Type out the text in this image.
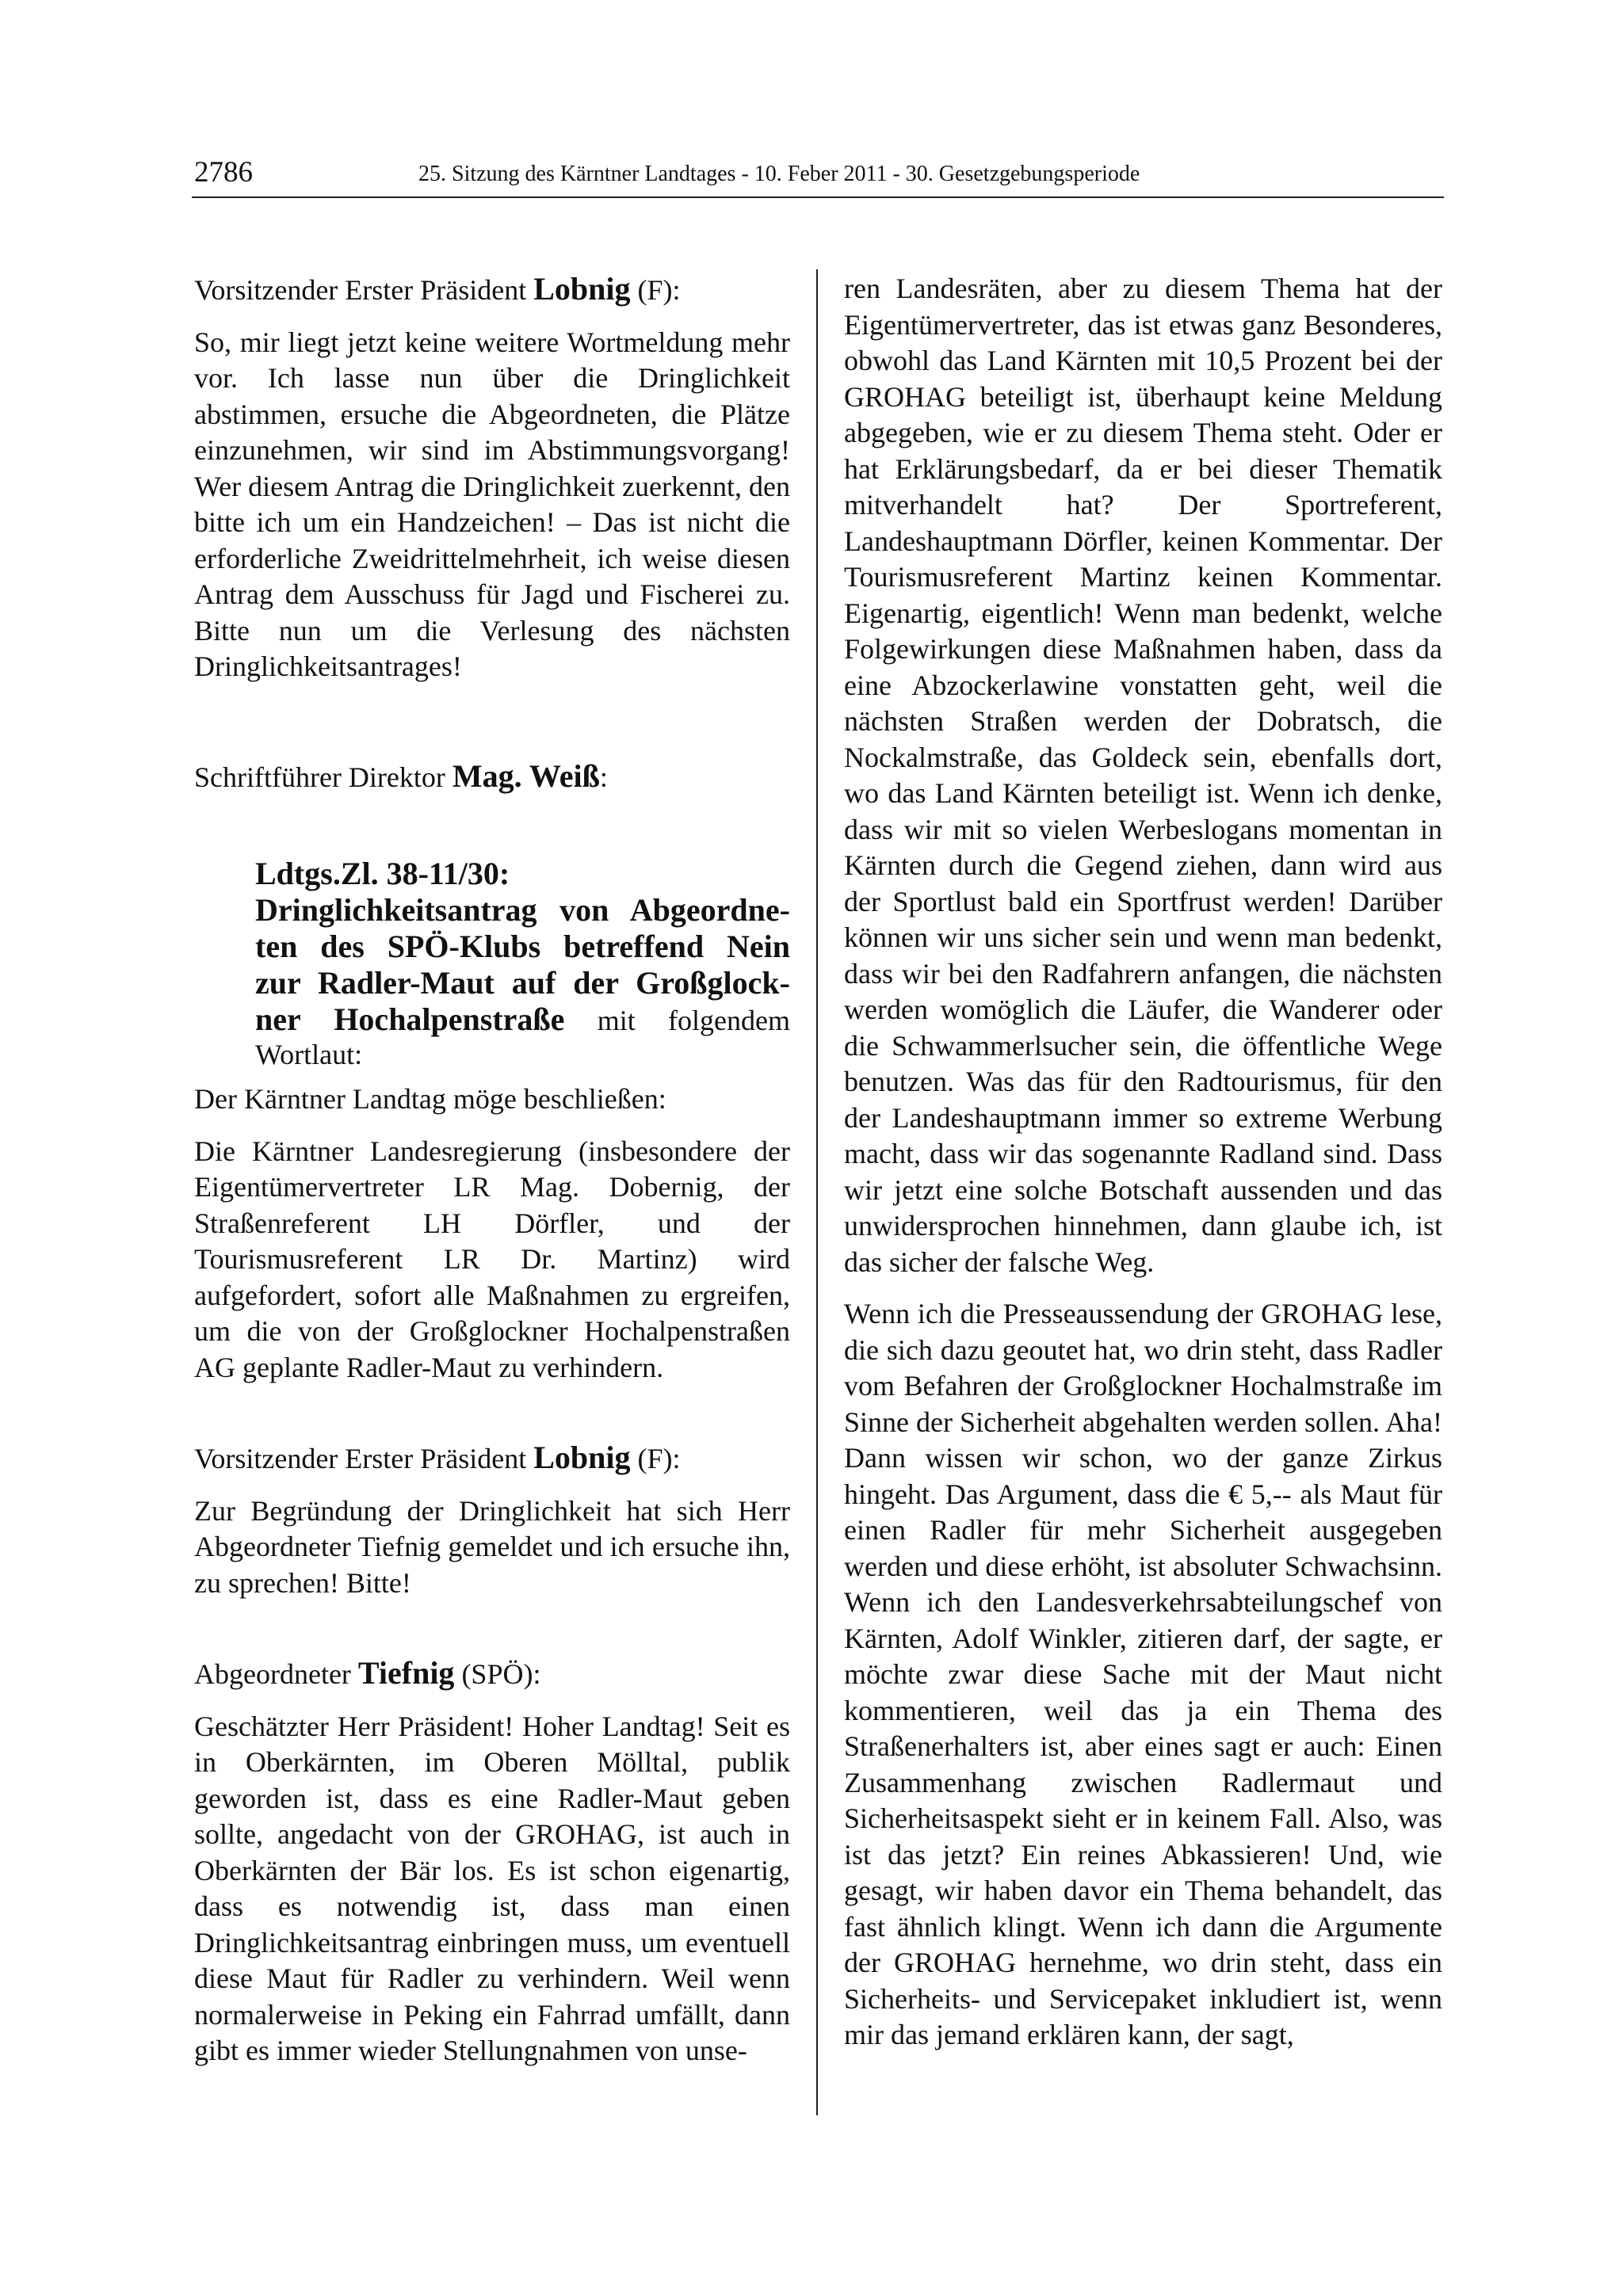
2786	25. Sitzung des Kärntner Landtages - 10. Feber 2011 - 30. Gesetzgebungsperiode

Vorsitzender Erster Präsident Lobnig (F):

So, mir liegt jetzt keine weitere Wortmeldung mehr vor. Ich lasse nun über die Dringlichkeit abstimmen, ersuche die Abgeordneten, die Plätze einzunehmen, wir sind im Abstimmungsvorgang! Wer diesem Antrag die Dringlichkeit zuerkennt, den bitte ich um ein Handzeichen! – Das ist nicht die erforderliche Zweidrittelmehrheit, ich weise diesen Antrag dem Ausschuss für Jagd und Fischerei zu. Bitte nun um die Verlesung des nächsten Dringlichkeitsantrages!

Schriftführer Direktor Mag. Weiß:

Ldtgs.Zl. 38-11/30:
Dringlichkeitsantrag von Abgeordne-
ten des SPÖ-Klubs betreffend Nein
zur Radler-Maut auf der Großglock-
ner Hochalpenstraße mit folgendem
Wortlaut:

Der Kärntner Landtag möge beschließen:

Die Kärntner Landesregierung (insbesondere der Eigentümervertreter LR Mag. Dobernig, der Straßenreferent LH Dörfler, und der Tourismusreferent LR Dr. Martinz) wird aufgefordert, sofort alle Maßnahmen zu ergreifen, um die von der Großglockner Hochalpenstraßen AG geplante Radler-Maut zu verhindern.

Vorsitzender Erster Präsident Lobnig (F):

Zur Begründung der Dringlichkeit hat sich Herr Abgeordneter Tiefnig gemeldet und ich ersuche ihn, zu sprechen! Bitte!

Abgeordneter Tiefnig (SPÖ):

Geschätzter Herr Präsident! Hoher Landtag! Seit es in Oberkärnten, im Oberen Mölltal, publik geworden ist, dass es eine Radler-Maut geben sollte, angedacht von der GROHAG, ist auch in Oberkärnten der Bär los. Es ist schon eigenartig, dass es notwendig ist, dass man einen Dringlichkeitsantrag einbringen muss, um eventuell diese Maut für Radler zu verhindern. Weil wenn normalerweise in Peking ein Fahrrad umfällt, dann gibt es immer wieder Stellungnahmen von unse-

ren Landesräten, aber zu diesem Thema hat der Eigentümervertreter, das ist etwas ganz Besonderes, obwohl das Land Kärnten mit 10,5 Prozent bei der GROHAG beteiligt ist, überhaupt keine Meldung abgegeben, wie er zu diesem Thema steht. Oder er hat Erklärungsbedarf, da er bei dieser Thematik mitverhandelt hat? Der Sportreferent, Landeshauptmann Dörfler, keinen Kommentar. Der Tourismusreferent Martinz keinen Kommentar. Eigenartig, eigentlich! Wenn man bedenkt, welche Folgewirkungen diese Maßnahmen haben, dass da eine Abzockerlawine vonstatten geht, weil die nächsten Straßen werden der Dobratsch, die Nockalmstraße, das Goldeck sein, ebenfalls dort, wo das Land Kärnten beteiligt ist. Wenn ich denke, dass wir mit so vielen Werbeslogans momentan in Kärnten durch die Gegend ziehen, dann wird aus der Sportlust bald ein Sportfrust werden! Darüber können wir uns sicher sein und wenn man bedenkt, dass wir bei den Radfahrern anfangen, die nächsten werden womöglich die Läufer, die Wanderer oder die Schwammerlsucher sein, die öffentliche Wege benutzen. Was das für den Radtourismus, für den der Landeshauptmann immer so extreme Werbung macht, dass wir das sogenannte Radland sind. Dass wir jetzt eine solche Botschaft aussenden und das unwidersprochen hinnehmen, dann glaube ich, ist das sicher der falsche Weg.

Wenn ich die Presseaussendung der GROHAG lese, die sich dazu geoutet hat, wo drin steht, dass Radler vom Befahren der Großglockner Hochalmstraße im Sinne der Sicherheit abgehalten werden sollen. Aha! Dann wissen wir schon, wo der ganze Zirkus hingeht. Das Argument, dass die € 5,-- als Maut für einen Radler für mehr Sicherheit ausgegeben werden und diese erhöht, ist absoluter Schwachsinn. Wenn ich den Landesverkehrsabteilungschef von Kärnten, Adolf Winkler, zitieren darf, der sagte, er möchte zwar diese Sache mit der Maut nicht kommentieren, weil das ja ein Thema des Straßenerhalters ist, aber eines sagt er auch: Einen Zusammenhang zwischen Radlermaut und Sicherheitsaspekt sieht er in keinem Fall. Also, was ist das jetzt? Ein reines Abkassieren! Und, wie gesagt, wir haben davor ein Thema behandelt, das fast ähnlich klingt. Wenn ich dann die Argumente der GROHAG hernehme, wo drin steht, dass ein Sicherheits- und Servicepaket inkludiert ist, wenn mir das jemand erklären kann, der sagt,
